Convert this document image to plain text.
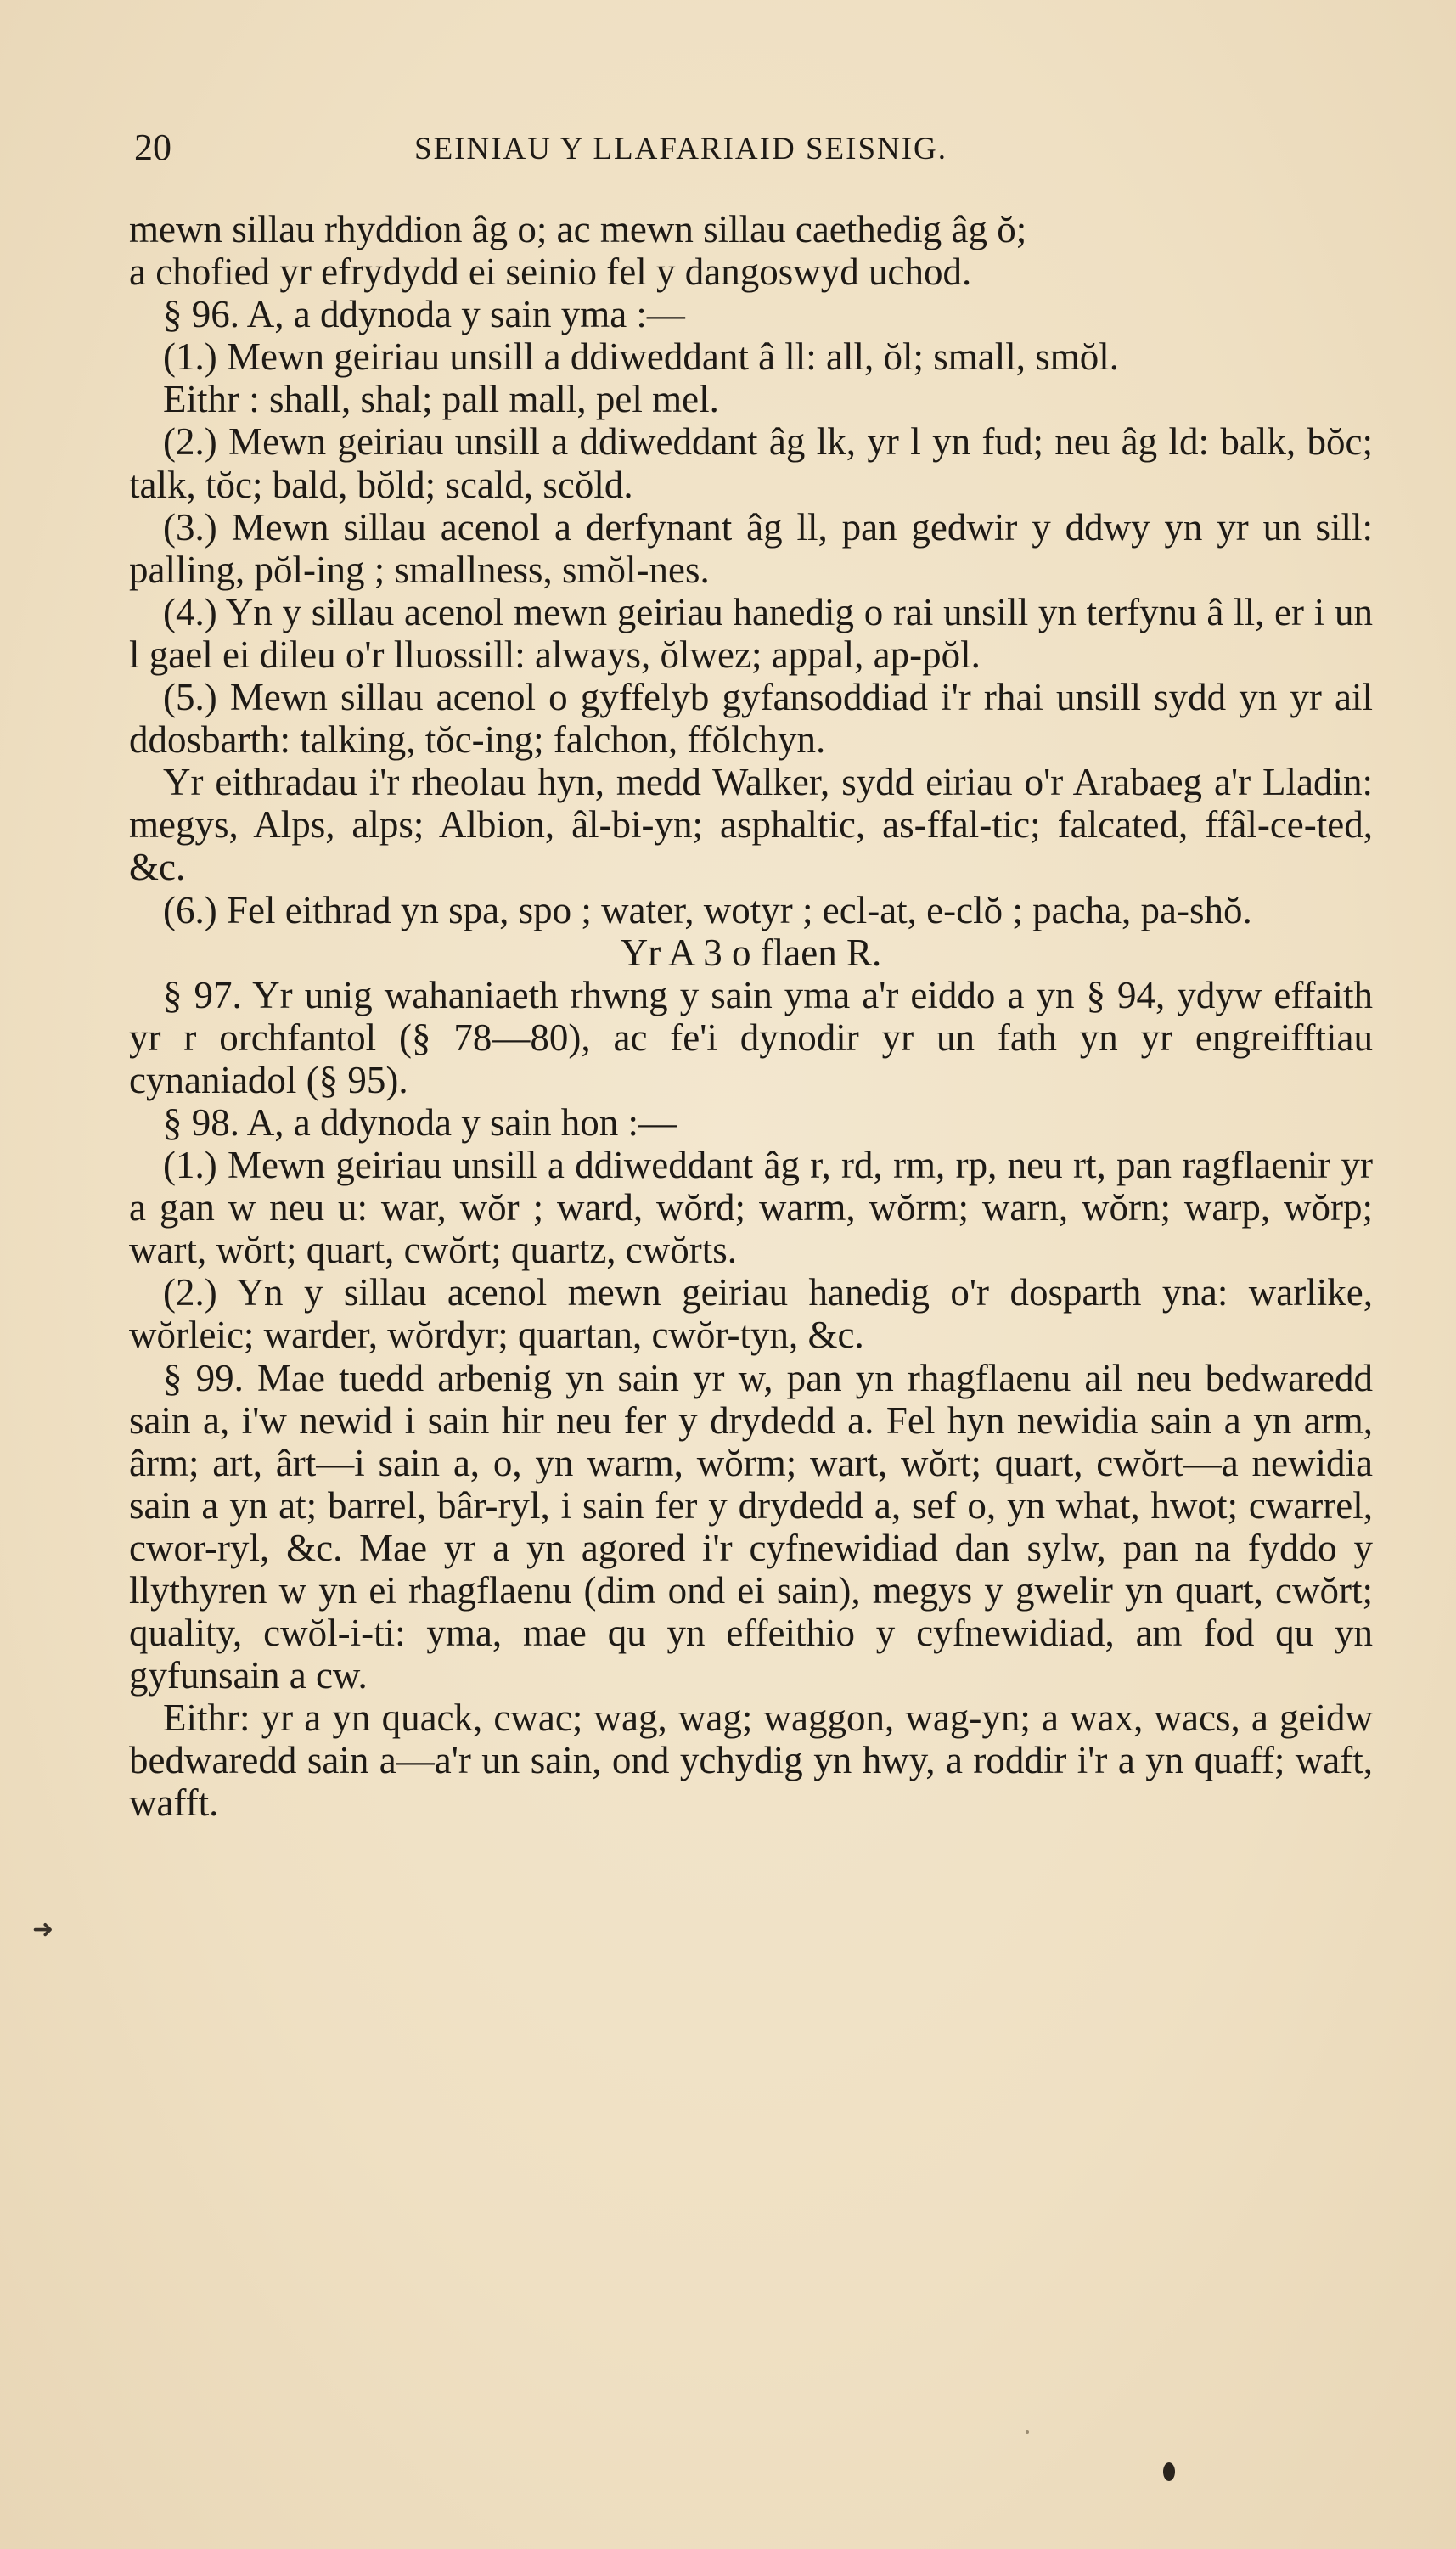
20	SEINIAU Y LLAFARIAID SEISNIG.

mewn sillau rhyddion âg o; ac mewn sillau caethedig âg ŏ;

a chofied yr efrydydd ei seinio fel y dangoswyd uchod.

§ 96. A, a ddynoda y sain yma :—

(1.) Mewn geiriau unsill a ddiweddant â ll: all, ŏl; small, smŏl.

Eithr : shall, shal; pall mall, pel mel.

(2.) Mewn geiriau unsill a ddiweddant âg lk, yr l yn fud; neu âg ld: balk, bŏc; talk, tŏc; bald, bŏld; scald, scŏld.

(3.) Mewn sillau acenol a derfynant âg ll, pan gedwir y ddwy yn yr un sill: palling, pŏl-ing ; smallness, smŏl-nes.

(4.) Yn y sillau acenol mewn geiriau hanedig o rai unsill yn terfynu â ll, er i un l gael ei dileu o'r lluossill: always, ŏlwez; appal, ap-pŏl.

(5.) Mewn sillau acenol o gyffelyb gyfansoddiad i'r rhai unsill sydd yn yr ail ddosbarth: talking, tŏc-ing; falchon, ffŏlchyn.

Yr eithradau i'r rheolau hyn, medd Walker, sydd eiriau o'r Arabaeg a'r Lladin: megys, Alps, alps; Albion, âl-bi-yn; asphaltic, as-ffal-tic; falcated, ffâl-ce-ted, &c.

(6.) Fel eithrad yn spa, spo ; water, wotyr ; ecl-at, e-clŏ ; pacha, pa-shŏ.

Yr A 3 o flaen R.

§ 97. Yr unig wahaniaeth rhwng y sain yma a'r eiddo a yn § 94, ydyw effaith yr r orchfantol (§ 78—80), ac fe'i dynodir yr un fath yn yr engreifftiau cynaniadol (§ 95).

§ 98. A, a ddynoda y sain hon :—

(1.) Mewn geiriau unsill a ddiweddant âg r, rd, rm, rp, neu rt, pan ragflaenir yr a gan w neu u: war, wŏr ; ward, wŏrd; warm, wŏrm; warn, wŏrn; warp, wŏrp; wart, wŏrt; quart, cwŏrt; quartz, cwŏrts.

(2.) Yn y sillau acenol mewn geiriau hanedig o'r dosparth yna: warlike, wŏrleic; warder, wŏrdyr; quartan, cwŏr-tyn, &c.

§ 99. Mae tuedd arbenig yn sain yr w, pan yn rhagflaenu ail neu bedwaredd sain a, i'w newid i sain hir neu fer y drydedd a. Fel hyn newidia sain a yn arm, ârm; art, ârt—i sain a, o, yn warm, wŏrm; wart, wŏrt; quart, cwŏrt—a newidia sain a yn at; barrel, bâr-ryl, i sain fer y drydedd a, sef o, yn what, hwot; cwarrel, cwor-ryl, &c. Mae yr a yn agored i'r cyfnewidiad dan sylw, pan na fyddo y llythyren w yn ei rhagflaenu (dim ond ei sain), megys y gwelir yn quart, cwŏrt; quality, cwŏl-i-ti: yma, mae qu yn effeithio y cyfnewidiad, am fod qu yn gyfunsain a cw.

Eithr: yr a yn quack, cwac; wag, wag; waggon, wag-yn; a wax, wacs, a geidw bedwaredd sain a—a'r un sain, ond ychydig yn hwy, a roddir i'r a yn quaff; waft, wafft.

➜
